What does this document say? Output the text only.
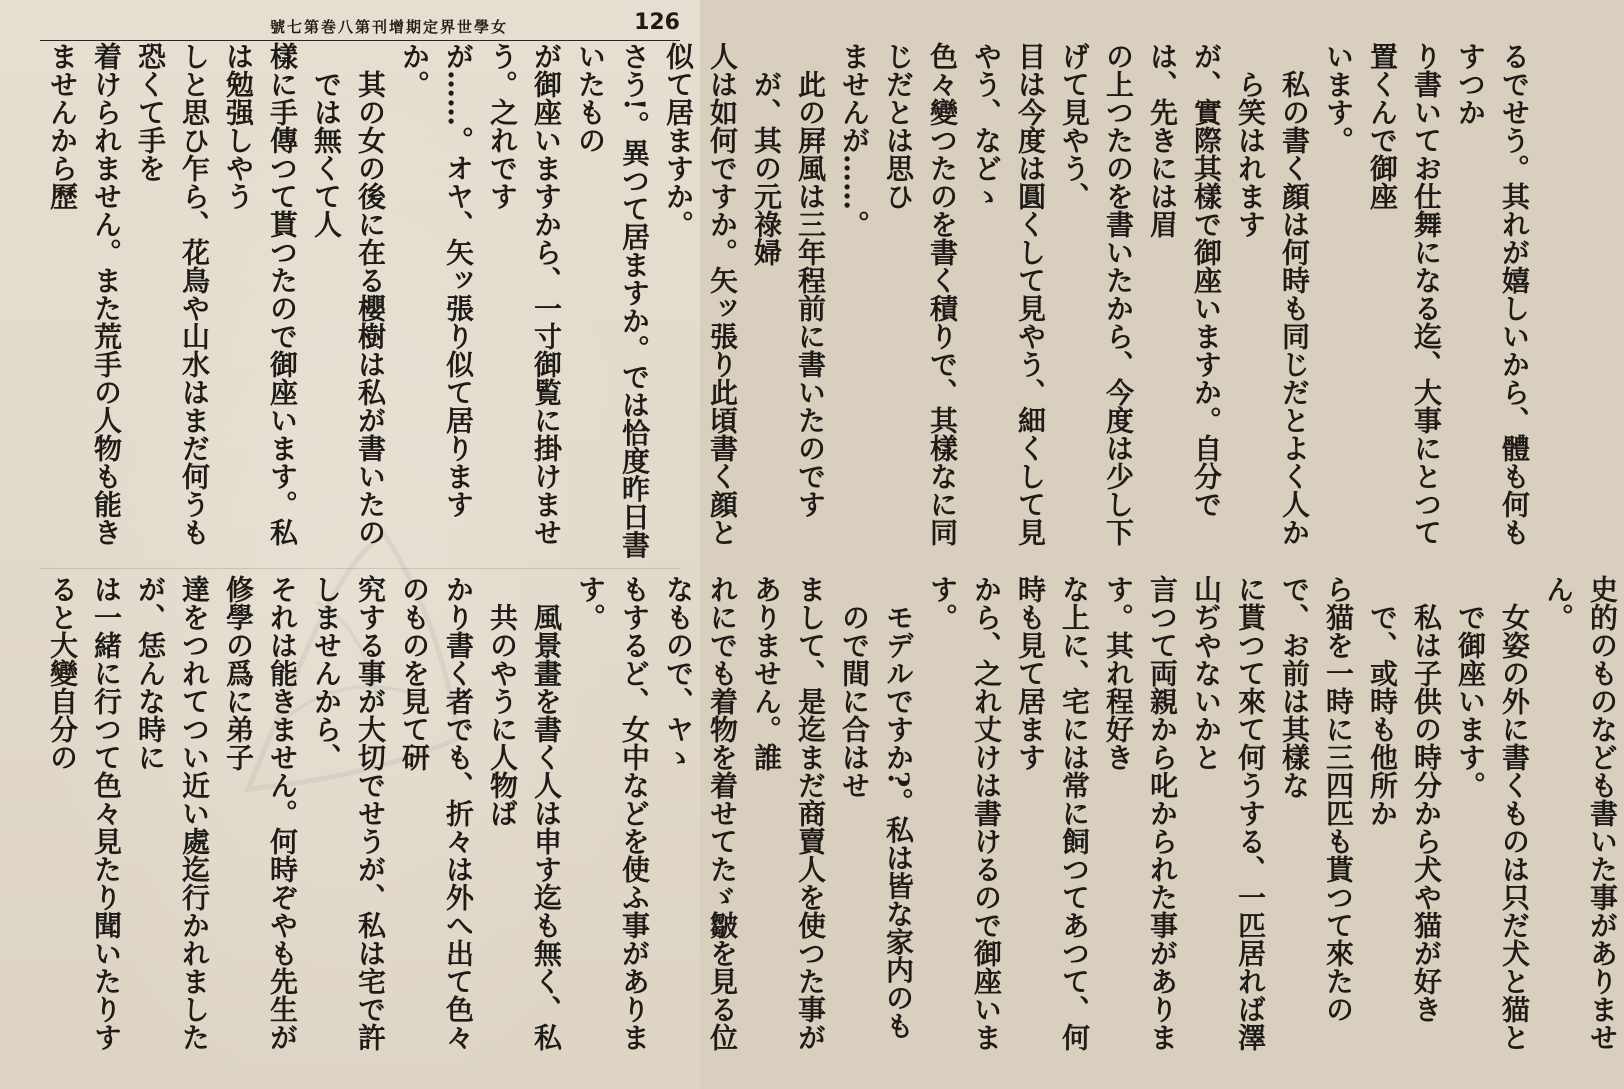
號七第巻八第刊增期定界世學女	126

るでせう。其れが嬉しいから、體も何もすつか

り書いてお仕舞になる迄、大事にとつて置くんで御座

います。

私の書く顔は何時も同じだとよく人から笑はれます

が、實際其樣で御座いますか。自分では、先きには眉

の上つたのを書いたから、今度は少し下げて見やう、

目は今度は圓くして見やう、細くして見やう、などゝ

色々變つたのを書く積りで、其樣なに同じだとは思ひ

ませんが……。

此の屛風は三年程前に書いたのですが、其の元祿婦

人は如何ですか。矢ッ張り此頃書く顔と似て居ますか。

さう!。異つて居ますか。では恰度昨日書いたもの

が御座いますから、一寸御覧に掛けませう。之れです

が……。オヤ、矢ッ張り似て居りますか。

其の女の後に在る櫻樹は私が書いたのでは無くて人

樣に手傳つて貰つたので御座います。私は勉强しやう

しと思ひ乍ら、花鳥や山水はまだ何うも恐くて手を

着けられません。また荒手の人物も能きませんから歷

史的のものなども書いた事がありません。

女姿の外に書くものは只だ犬と猫とで御座います。

私は子供の時分から犬や猫が好きで、或時も他所か

ら猫を一時に三四匹も貰つて來たので、お前は其樣な

に貰つて來て何うする、一匹居れば澤山ぢやないかと

言つて両親から叱かられた事があります。其れ程好き

な上に、宅には常に飼つてあつて、何時も見て居ます

から、之れ丈けは書けるので御座います。

モデルですか?。私は皆な家内のもので間に合はせ

まして、是迄まだ商賣人を使つた事がありません。誰

れにでも着物を着せてたゞ皺を見る位なもので、ヤゝ

もするど、女中などを使ふ事があります。

風景畫を書く人は申す迄も無く、私共のやうに人物ば

かり書く者でも、折々は外へ出て色々のものを見て研

究する事が大切でせうが、私は宅で許しませんから、

それは能きません。何時ぞやも先生が修學の爲に弟子

達をつれてつい近い處迄行かれましたが、恁んな時に

は一緒に行つて色々見たり聞いたりすると大變自分の
